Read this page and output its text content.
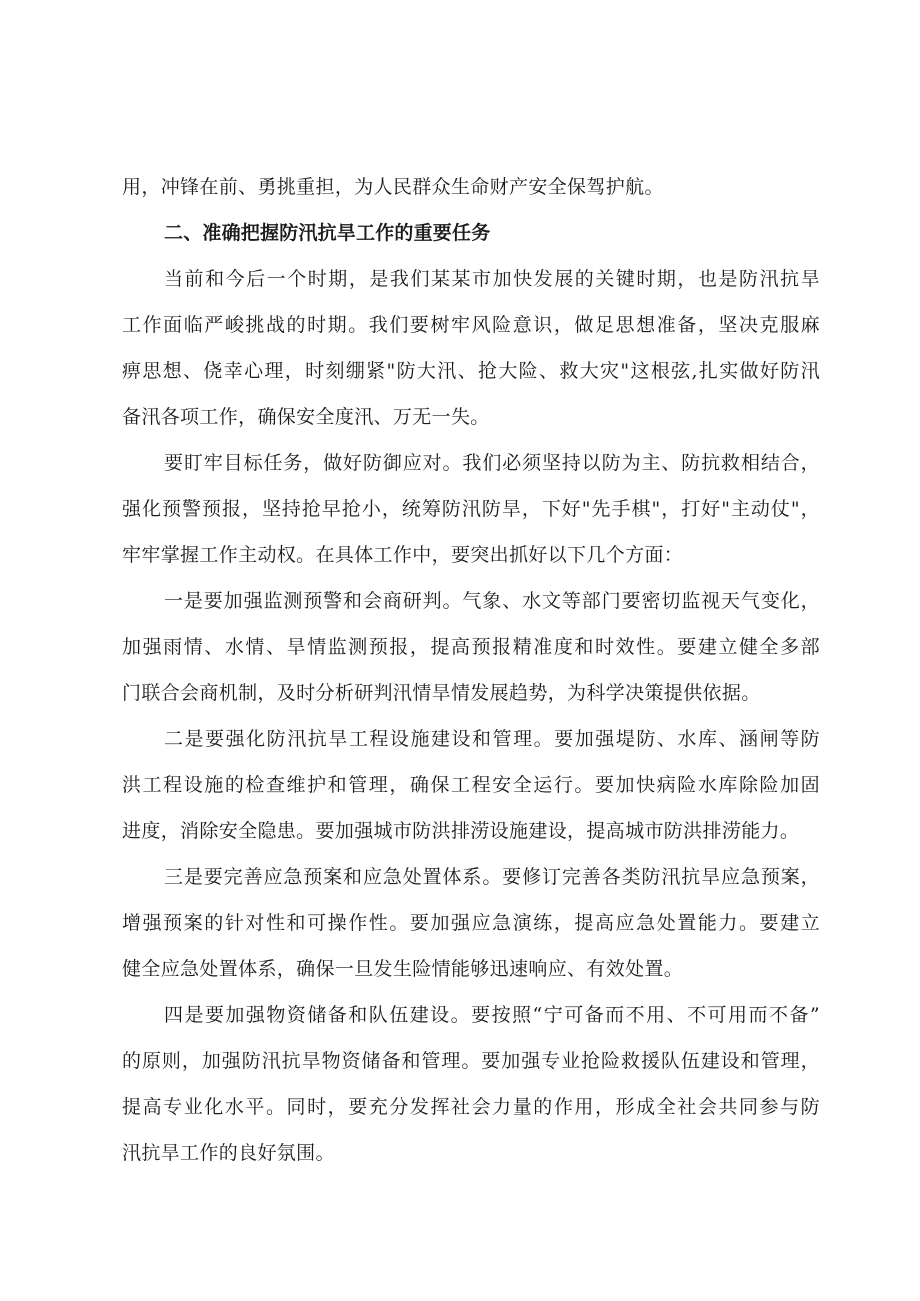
用，冲锋在前、勇挑重担，为人民群众生命财产安全保驾护航。
二、准确把握防汛抗旱工作的重要任务
当前和今后一个时期，是我们某某市加快发展的关键时期，也是防汛抗旱
工作面临严峻挑战的时期。我们要树牢风险意识，做足思想准备，坚决克服麻
痹思想、侥幸心理，时刻绷紧"防大汛、抢大险、救大灾"这根弦,扎实做好防汛
备汛各项工作，确保安全度汛、万无一失。
要盯牢目标任务，做好防御应对。我们必须坚持以防为主、防抗救相结合，
强化预警预报，坚持抢早抢小，统筹防汛防旱，下好"先手棋"，打好"主动仗"，
牢牢掌握工作主动权。在具体工作中，要突出抓好以下几个方面：
一是要加强监测预警和会商研判。气象、水文等部门要密切监视天气变化，
加强雨情、水情、旱情监测预报，提高预报精准度和时效性。要建立健全多部
门联合会商机制，及时分析研判汛情旱情发展趋势，为科学决策提供依据。
二是要强化防汛抗旱工程设施建设和管理。要加强堤防、水库、涵闸等防
洪工程设施的检查维护和管理，确保工程安全运行。要加快病险水库除险加固
进度，消除安全隐患。要加强城市防洪排涝设施建设，提高城市防洪排涝能力。
三是要完善应急预案和应急处置体系。要修订完善各类防汛抗旱应急预案，
增强预案的针对性和可操作性。要加强应急演练，提高应急处置能力。要建立
健全应急处置体系，确保一旦发生险情能够迅速响应、有效处置。
四是要加强物资储备和队伍建设。要按照“宁可备而不用、不可用而不备”
的原则，加强防汛抗旱物资储备和管理。要加强专业抢险救援队伍建设和管理，
提高专业化水平。同时，要充分发挥社会力量的作用，形成全社会共同参与防
汛抗旱工作的良好氛围。
